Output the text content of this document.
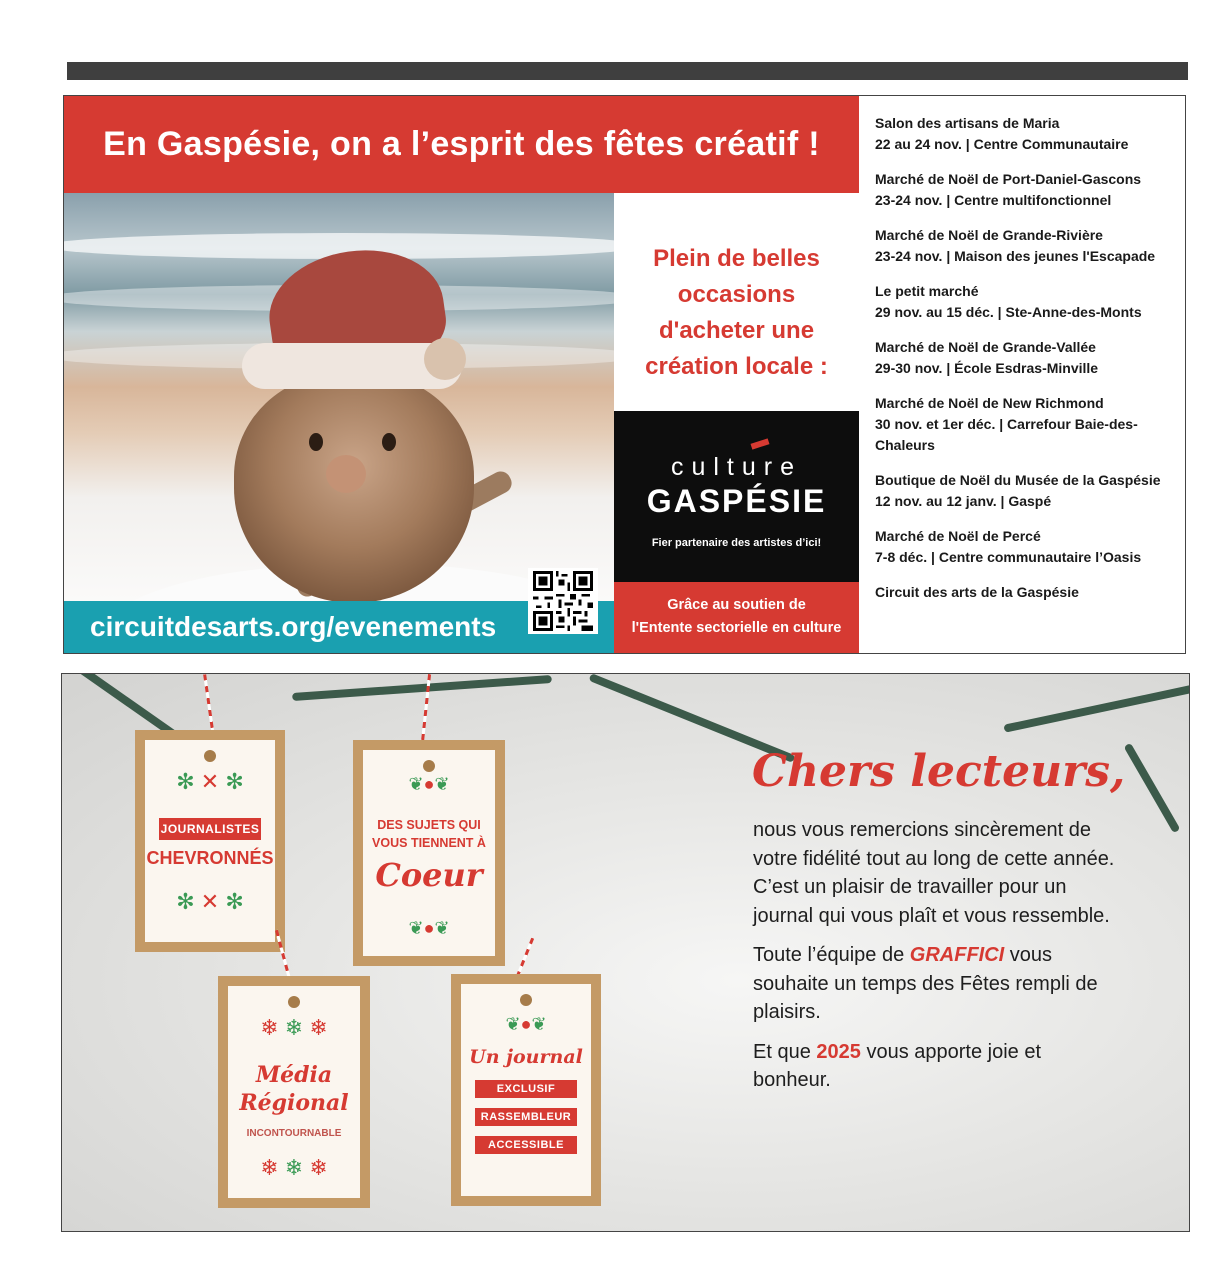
En Gaspésie, on a l’esprit des fêtes créatif !
circuitdesarts.org/evenements
Plein de belles
occasions
d'acheter une
création locale :
culture
GASPÉSIE
Fier partenaire des artistes d’ici!
Grâce au soutien de
l'Entente sectorielle en culture
Salon des artisans de Maria
22 au 24 nov. | Centre Communautaire
Marché de Noël de Port-Daniel-Gascons
23-24 nov. | Centre multifonctionnel
Marché de Noël de Grande-Rivière
23-24 nov. | Maison des jeunes l'Escapade
Le petit marché
29 nov. au 15 déc. | Ste-Anne-des-Monts
Marché de Noël de Grande-Vallée
29-30 nov. | École Esdras-Minville
Marché de Noël de New Richmond
30 nov. et 1er déc. | Carrefour Baie-des-Chaleurs
Boutique de Noël du Musée de la Gaspésie
12 nov. au 12 janv. | Gaspé
Marché de Noël de Percé
7-8 déc. | Centre communautaire l’Oasis
Circuit des arts de la Gaspésie
✻ ✕ ✻
JOURNALISTES
CHEVRONNÉS
✻ ✕ ✻
❦●❦
DES SUJETS QUI
VOUS TIENNENT À
Coeur
❦●❦
❄ ❄ ❄
Média
Régional
INCONTOURNABLE
❄ ❄ ❄
❦●❦
Un journal
EXCLUSIF
RASSEMBLEUR
ACCESSIBLE
Chers lecteurs,

nous vous remercions sincèrement de votre fidélité tout au long de cette année. C’est un plaisir de travailler pour un journal qui vous plaît et vous ressemble.

Toute l’équipe de GRAFFICI vous souhaite un temps des Fêtes rempli de plaisirs.

Et que 2025 vous apporte joie et bonheur.
